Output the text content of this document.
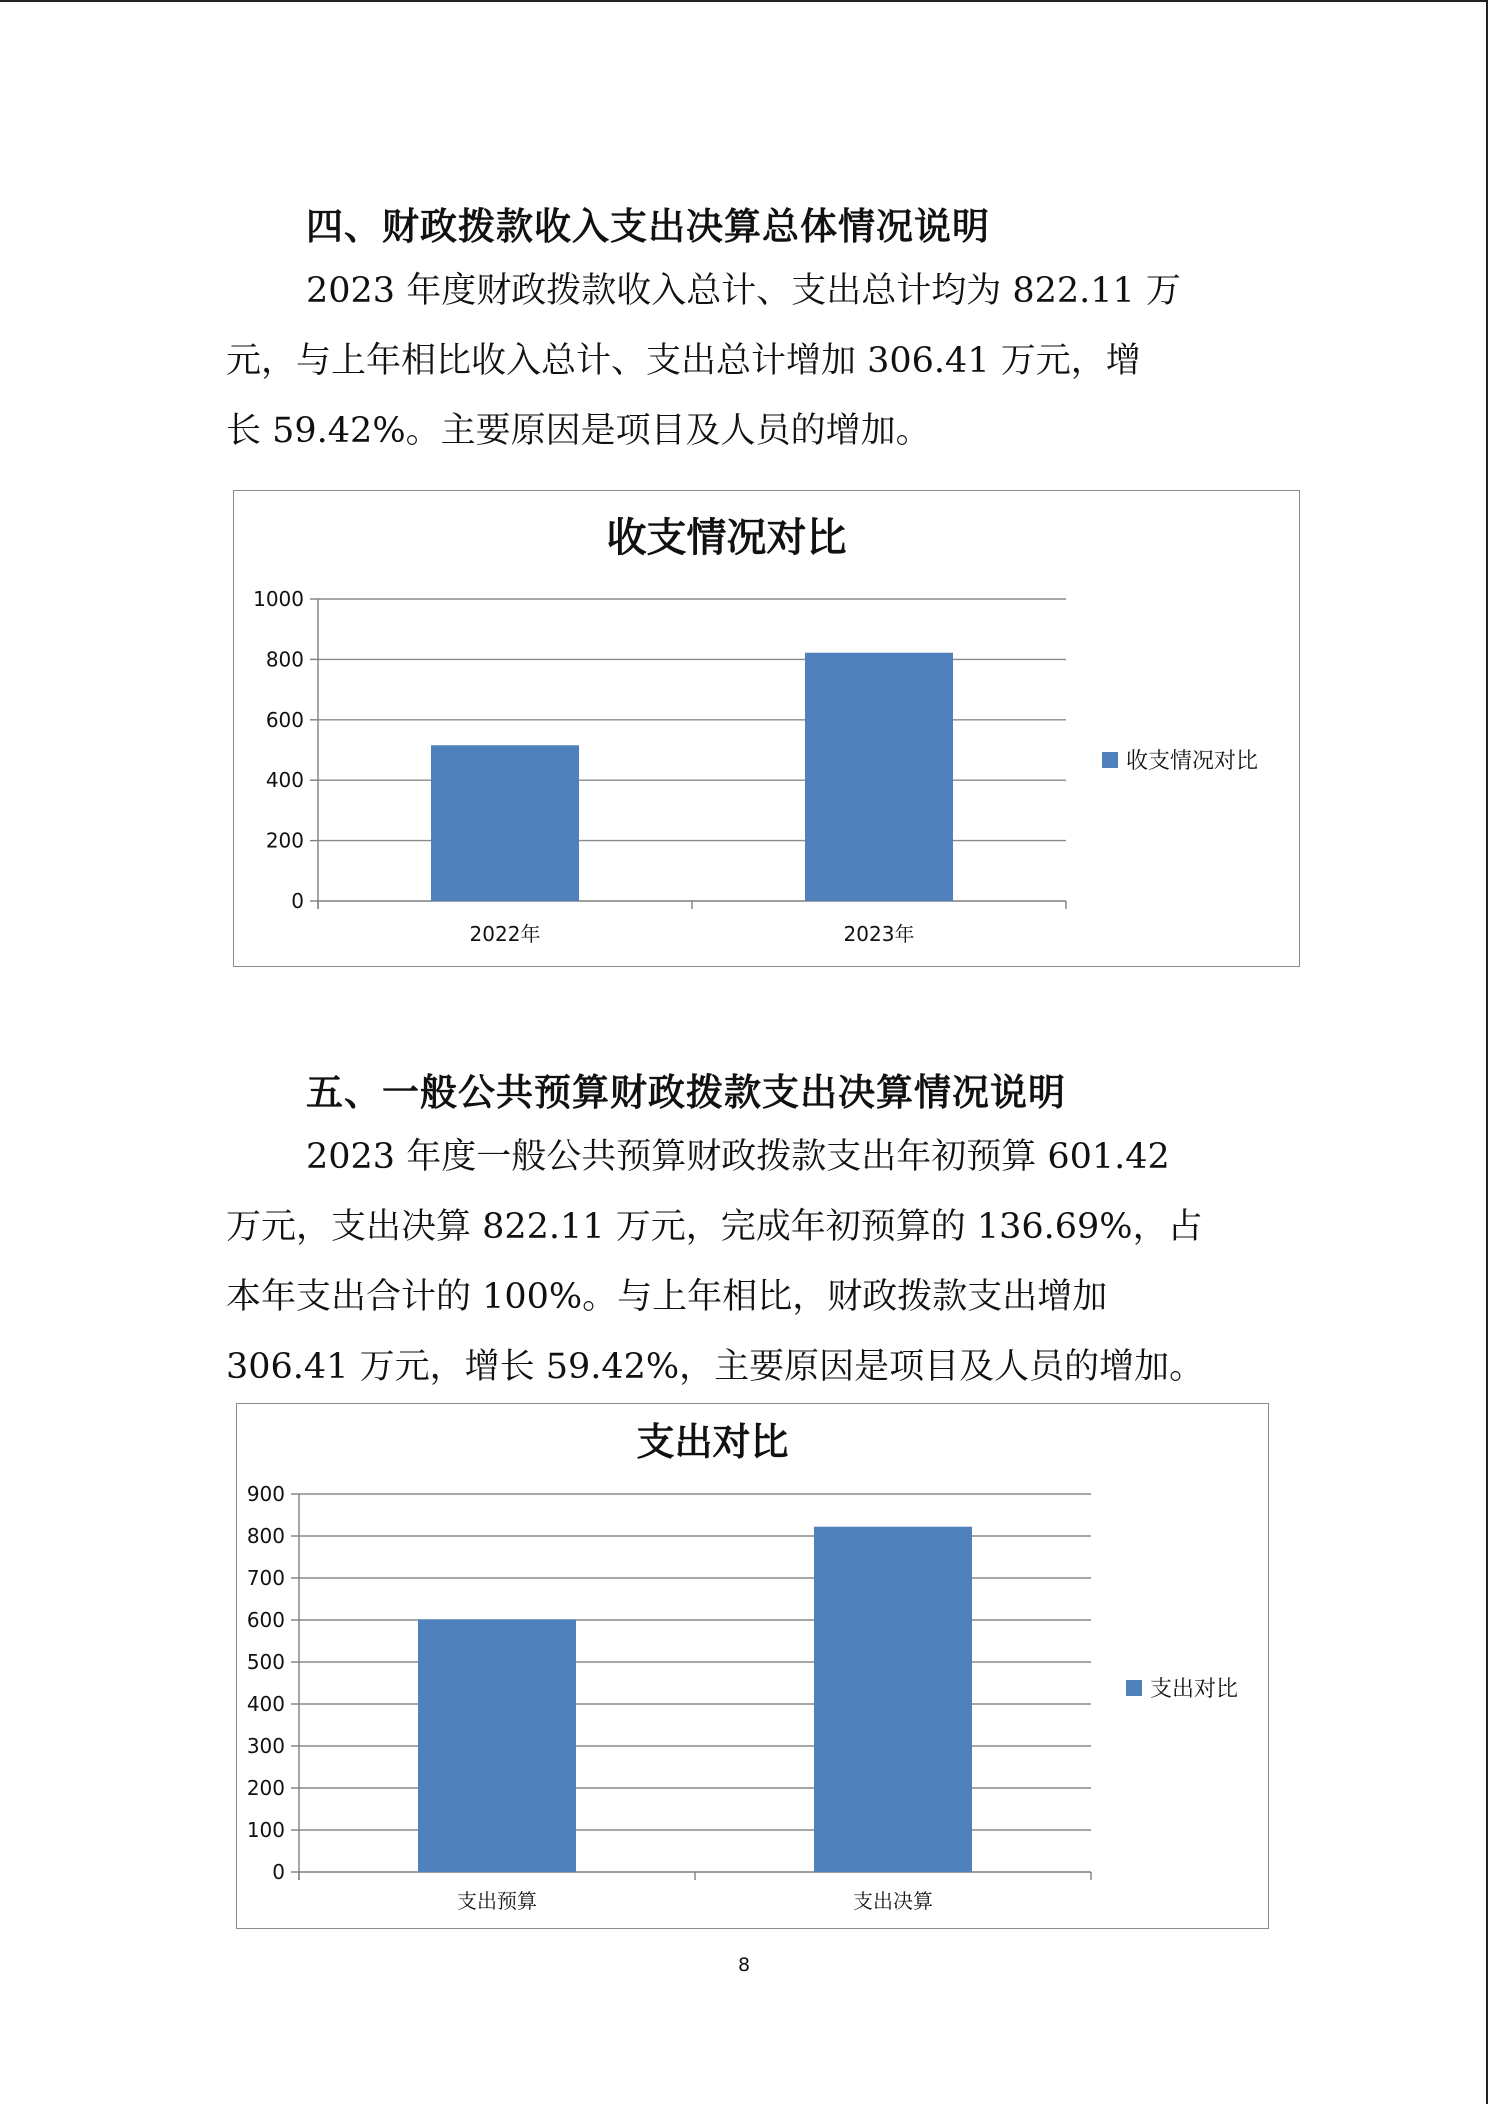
四、财政拨款收入支出决算总体情况说明
2023 年度财政拨款收入总计、支出总计均为 822.11 万
元，与上年相比收入总计、支出总计增加 306.41 万元，增
长 59.42%。主要原因是项目及人员的增加。
收支情况对比
0
200
400
600
800
1000
2022年	2023年
收支情况对比
五、一般公共预算财政拨款支出决算情况说明
2023 年度一般公共预算财政拨款支出年初预算 601.42
万元，支出决算 822.11 万元，完成年初预算的 136.69%，占
本年支出合计的 100%。与上年相比，财政拨款支出增加
306.41 万元，增长 59.42%，主要原因是项目及人员的增加。
支出对比
0
100
200
300
400
500
600
700
800
900
支出预算	支出决算
支出对比
8
